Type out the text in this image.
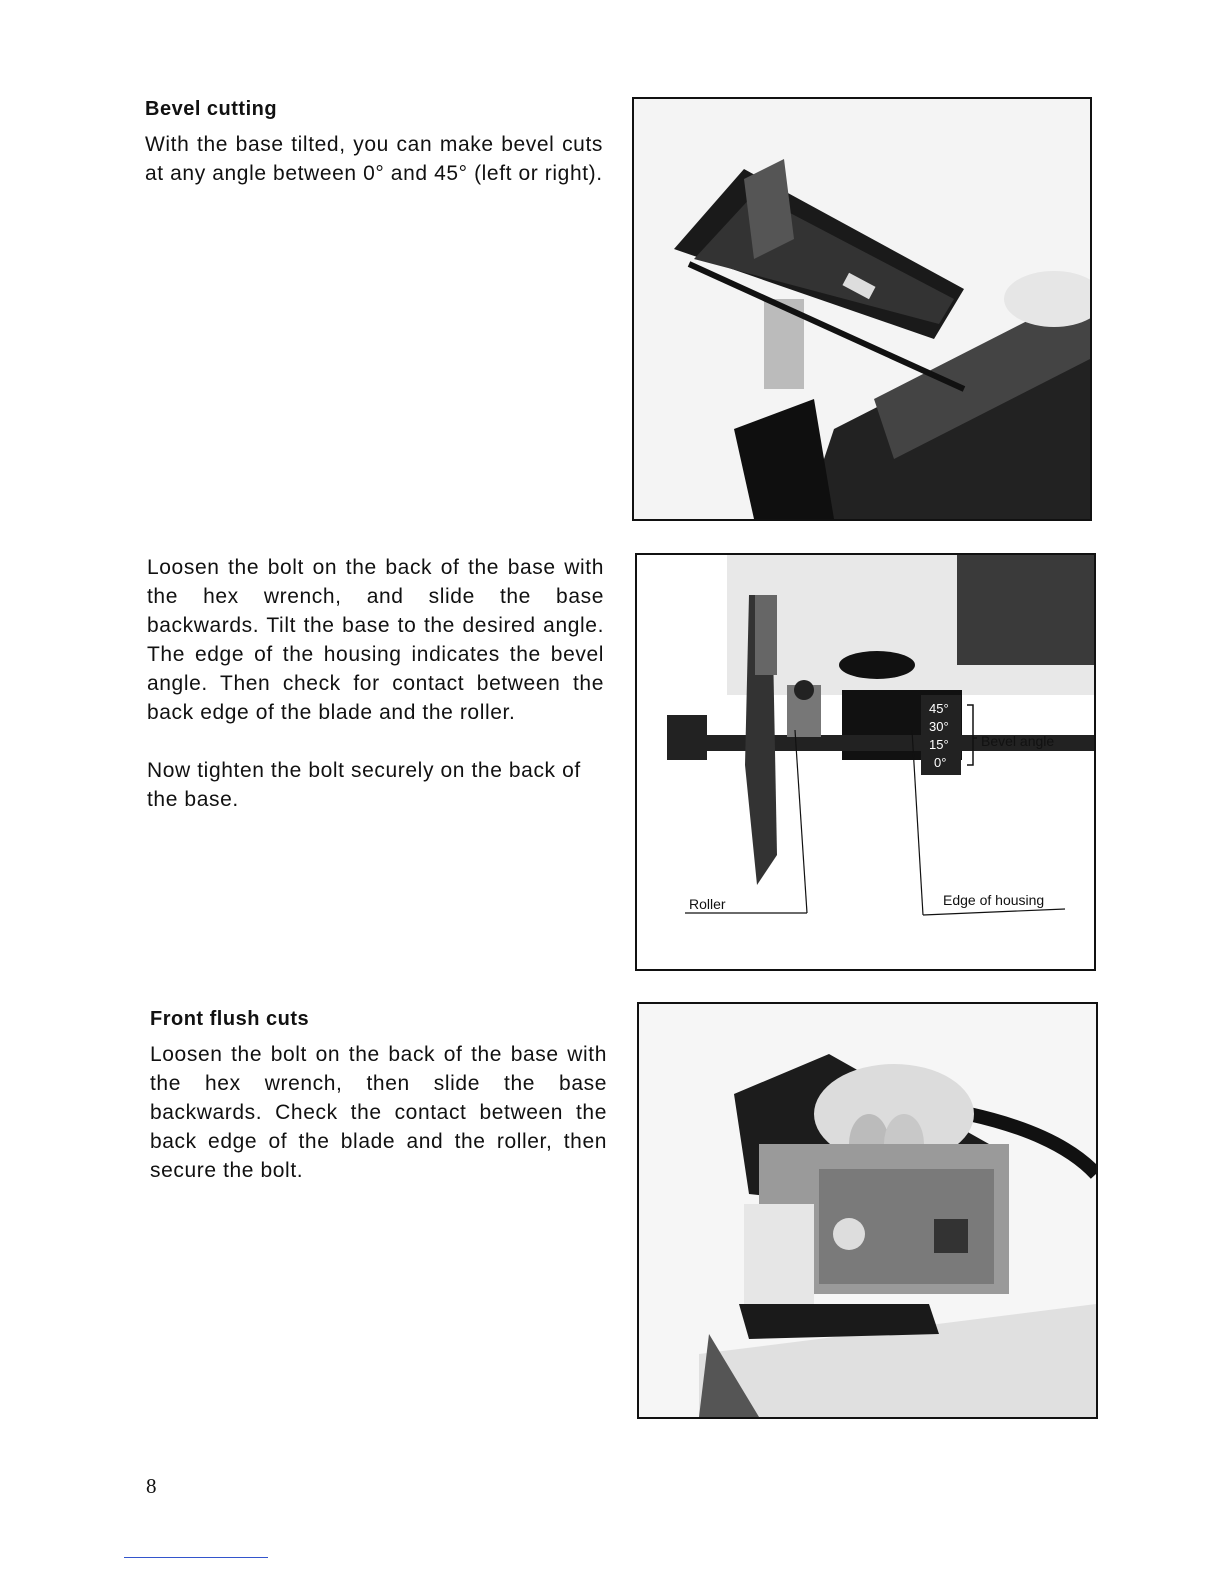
Bevel cutting
With the base tilted, you can make bevel cuts at any angle between 0° and 45° (left or right).
Loosen the bolt on the back of the base with the hex wrench, and slide the base backwards. Tilt the base to the desired angle. The edge of the housing indicates the bevel angle. Then check for contact between the back edge of the blade and the roller.
Now tighten the bolt securely on the back of the base.
45°
30°
15°
0°
Bevel angle
Roller	Edge of housing
Front flush cuts
Loosen the bolt on the back of the base with the hex wrench, then slide the base backwards. Check the contact between the back edge of the blade and the roller, then secure the bolt.
8
